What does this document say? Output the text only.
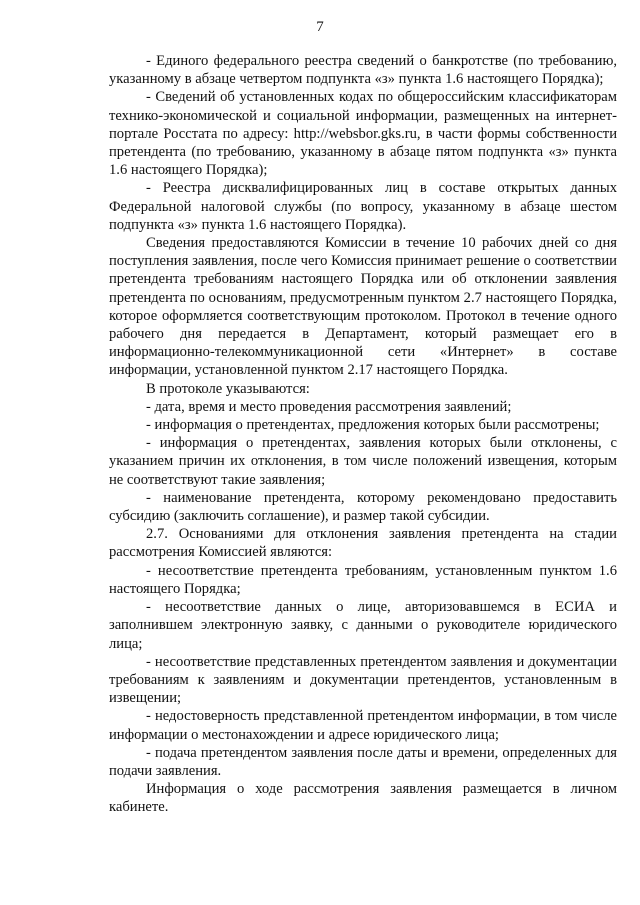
7

- Единого федерального реестра сведений о банкротстве (по требованию, указанному в абзаце четвертом подпункта «з» пункта 1.6 настоящего Порядка);

- Сведений об установленных кодах по общероссийским классификаторам технико-экономической и социальной информации, размещенных на интернет-портале Росстата по адресу: http://websbor.gks.ru, в части формы собственности претендента (по требованию, указанному в абзаце пятом подпункта «з» пункта 1.6 настоящего Порядка);

- Реестра дисквалифицированных лиц в составе открытых данных Федеральной налоговой службы (по вопросу, указанному в абзаце шестом подпункта «з» пункта 1.6 настоящего Порядка).

Сведения предоставляются Комиссии в течение 10 рабочих дней со дня поступления заявления, после чего Комиссия принимает решение о соответствии претендента требованиям настоящего Порядка или об отклонении заявления претендента по основаниям, предусмотренным пунктом 2.7 настоящего Порядка, которое оформляется соответствующим протоколом. Протокол в течение одного рабочего дня передается в Департамент, который размещает его в информационно-телекоммуникационной сети «Интернет» в составе информации, установленной пунктом 2.17 настоящего Порядка.

В протоколе указываются:

- дата, время и место проведения рассмотрения заявлений;

- информация о претендентах, предложения которых были рассмотрены;

- информация о претендентах, заявления которых были отклонены, с указанием причин их отклонения, в том числе положений извещения, которым не соответствуют такие заявления;

- наименование претендента, которому рекомендовано предоставить субсидию (заключить соглашение), и размер такой субсидии.

2.7. Основаниями для отклонения заявления претендента на стадии рассмотрения Комиссией являются:

- несоответствие претендента требованиям, установленным пунктом 1.6 настоящего Порядка;

- несоответствие данных о лице, авторизовавшемся в ЕСИА и заполнившем электронную заявку, с данными о руководителе юридического лица;

- несоответствие представленных претендентом заявления и документации требованиям к заявлениям и документации претендентов, установленным в извещении;

- недостоверность представленной претендентом информации, в том числе информации о местонахождении и адресе юридического лица;

- подача претендентом заявления после даты и времени, определенных для подачи заявления.

Информация о ходе рассмотрения заявления размещается в личном кабинете.
